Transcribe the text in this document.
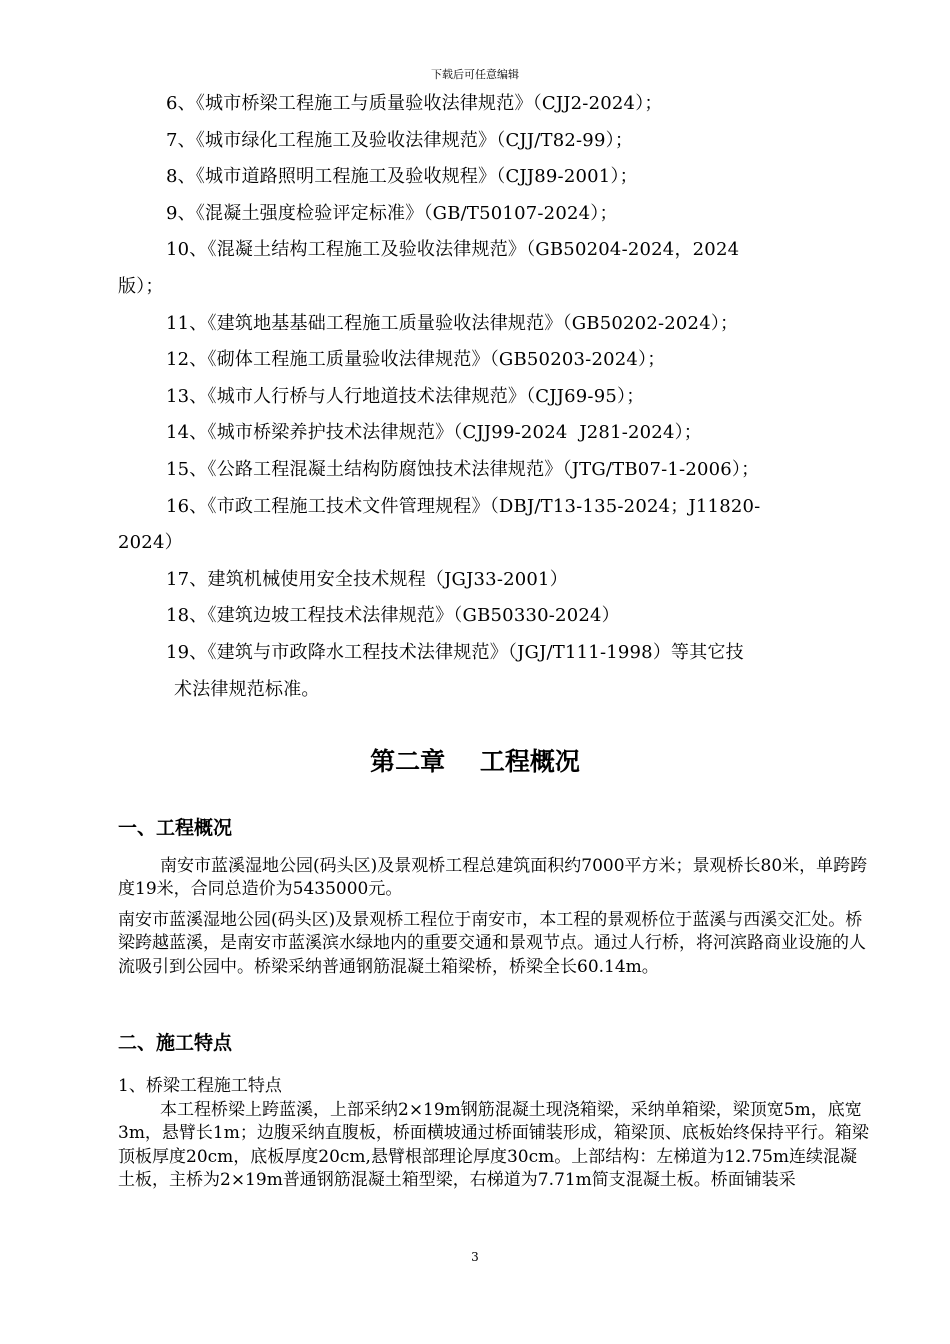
下载后可任意编辑

6、《城市桥梁工程施工与质量验收法律规范》（CJJ2-2024）；

7、《城市绿化工程施工及验收法律规范》（CJJ/T82-99）；

8、《城市道路照明工程施工及验收规程》（CJJ89-2001）；

9、《混凝土强度检验评定标准》（GB/T50107-2024）；

10、《混凝土结构工程施工及验收法律规范》（GB50204-2024，2024

版）；

11、《建筑地基基础工程施工质量验收法律规范》（GB50202-2024）；

12、《砌体工程施工质量验收法律规范》（GB50203-2024）；

13、《城市人行桥与人行地道技术法律规范》（CJJ69-95）；

14、《城市桥梁养护技术法律规范》（CJJ99-2024  J281-2024）；

15、《公路工程混凝土结构防腐蚀技术法律规范》（JTG/TB07-1-2006）；

16、《市政工程施工技术文件管理规程》（DBJ/T13-135-2024；J11820-

2024）

17、建筑机械使用安全技术规程（JGJ33-2001）

18、《建筑边坡工程技术法律规范》（GB50330-2024）

19、《建筑与市政降水工程技术法律规范》（JGJ/T111-1998）等其它技

术法律规范标准。

第二章    工程概况
一、工程概况

南安市蓝溪湿地公园(码头区)及景观桥工程总建筑面积约7000平方米；景观桥长80米，单跨跨度19米，合同总造价为5435000元。

南安市蓝溪湿地公园(码头区)及景观桥工程位于南安市，本工程的景观桥位于蓝溪与西溪交汇处。桥梁跨越蓝溪，是南安市蓝溪滨水绿地内的重要交通和景观节点。通过人行桥，将河滨路商业设施的人流吸引到公园中。桥梁采纳普通钢筋混凝土箱梁桥，桥梁全长60.14m。

二、施工特点

1、桥梁工程施工特点

本工程桥梁上跨蓝溪，上部采纳2×19m钢筋混凝土现浇箱梁，采纳单箱梁，梁顶宽5m，底宽3m，悬臂长1m；边腹采纳直腹板，桥面横坡通过桥面铺装形成，箱梁顶、底板始终保持平行。箱梁顶板厚度20cm，底板厚度20cm,悬臂根部理论厚度30cm。上部结构：左梯道为12.75m连续混凝土板，主桥为2×19m普通钢筋混凝土箱型梁，右梯道为7.71m简支混凝土板。桥面铺装采

3
